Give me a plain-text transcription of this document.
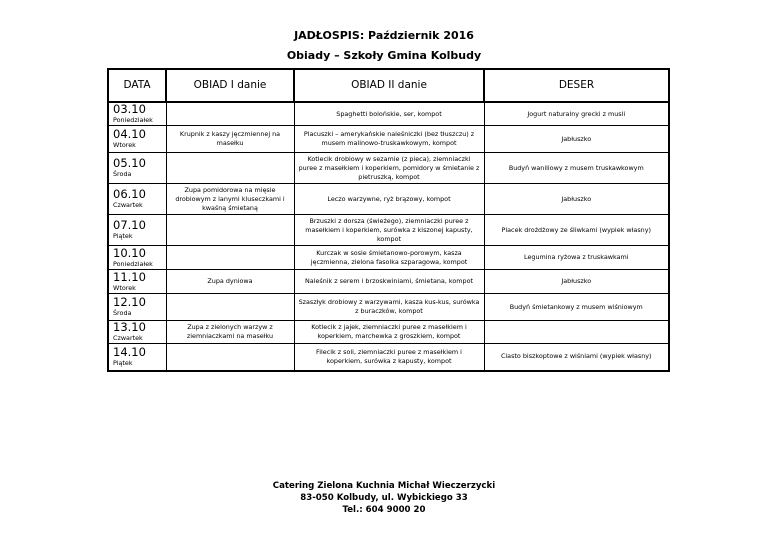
JADŁOSPIS: Październik 2016
Obiady – Szkoły Gmina Kolbudy
DATA	OBIAD I danie	OBIAD II danie	DESER

03.10
Poniedziałek		Spaghetti bolońskie, ser, kompot	Jogurt naturalny grecki z musli

04.10
Wtorek	Krupnik z kaszy jęczmiennej na masełku	Placuszki – amerykańskie naleśniczki (bez tłuszczu) z musem malinowo-truskawkowym, kompot	Jabłuszko

05.10
Środa		Kotlecik drobiowy w sezamie (z pieca), ziemniaczki puree z masełkiem i koperkiem, pomidory w śmietanie z pietruszką, kompot	Budyń waniliowy z musem truskawkowym

06.10
Czwartek	Zupa pomidorowa na mięsie drobiowym z lanymi kluseczkami i kwaśną śmietaną	Leczo warzywne, ryż brązowy, kompot	Jabłuszko

07.10
Piątek		Brzuszki z dorsza (świeżego), ziemniaczki puree z masełkiem i koperkiem, surówka z kiszonej kapusty, kompot	Placek drożdżowy ze śliwkami (wypiek własny)

10.10
Poniedziałek		Kurczak w sosie śmietanowo-porowym, kasza jęczmienna, zielona fasolka szparagowa, kompot	Legumina ryżowa z truskawkami

11.10
Wtorek	Zupa dyniowa	Naleśnik z serem i brzoskwiniami, śmietana, kompot	Jabłuszko

12.10
Środa		Szaszłyk drobiowy z warzywami, kasza kus-kus, surówka z buraczków, kompot	Budyń śmietankowy z musem wiśniowym

13.10
Czwartek	Zupa z zielonych warzyw z ziemniaczkami na masełku	Kotlecik z jajek, ziemniaczki puree z masełkiem i koperkiem, marchewka z groszkiem, kompot	

14.10
Piątek		Filecik z soli, ziemniaczki puree z masełkiem i koperkiem, surówka z kapusty, kompot	Ciasto biszkoptowe z wiśniami (wypiek własny)
Catering Zielona Kuchnia Michał Wieczerzycki
83-050 Kolbudy, ul. Wybickiego 33
Tel.: 604 9000 20
